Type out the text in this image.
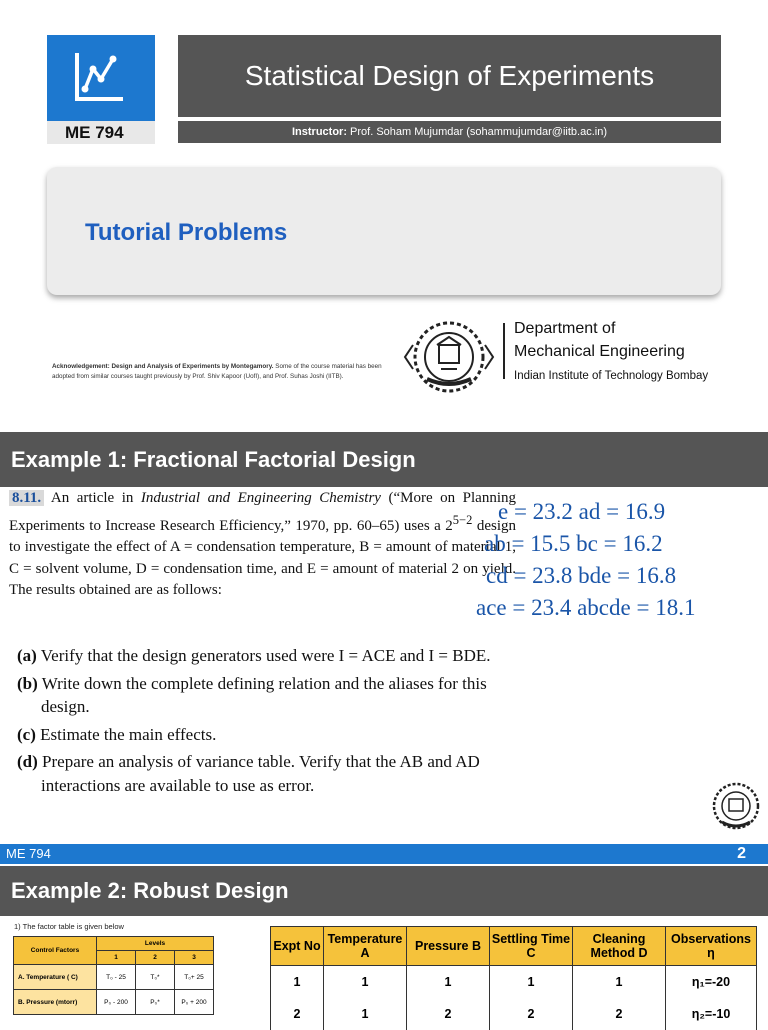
ME 794
Statistical Design of Experiments
Instructor: Prof. Soham Mujumdar (sohammujumdar@iitb.ac.in)
Tutorial Problems
Acknowledgement: Design and Analysis of Experiments by Montegamory. Some of the course material has been adopted from similar courses taught previously by Prof. Shiv Kapoor (UofI), and Prof. Suhas Joshi (IITB).
Department of
Mechanical Engineering
Indian Institute of Technology Bombay
Example 1: Fractional Factorial Design
8.11. An article in Industrial and Engineering Chemistry (“More on Planning Experiments to Increase Research Efficiency,” 1970, pp. 60–65) uses a $2^{5-2}$ design to investigate the effect of A = condensation temperature, B = amount of material 1, C = solvent volume, D = condensation time, and E = amount of material 2 on yield. The results obtained are as follows:
(a) Verify that the design generators used were I = ACE and I = BDE.
(b) Write down the complete defining relation and the aliases for this design.
(c) Estimate the main effects.
(d) Prepare an analysis of variance table. Verify that the AB and AD interactions are available to use as error.
e = 23.2 ad = 16.9
ab = 15.5 bc = 16.2
cd = 23.8 bde = 16.8
ace = 23.4 abcde = 18.1
ME 794	2
Example 2: Robust Design
1) The factor table is given below
Control Factors	Levels		
	1	2	3
A. Temperature ( C)	T₀ - 25	T₀*	T₀+ 25
B. Pressure (mtorr)	P₀ - 200	P₀*	P₀ + 200
Expt No	Temperature A	Pressure B	Settling Time C	Cleaning Method D	Observations η
1	1	1	1	1	η₁=-20
2	1	2	2	2	η₂=-10
